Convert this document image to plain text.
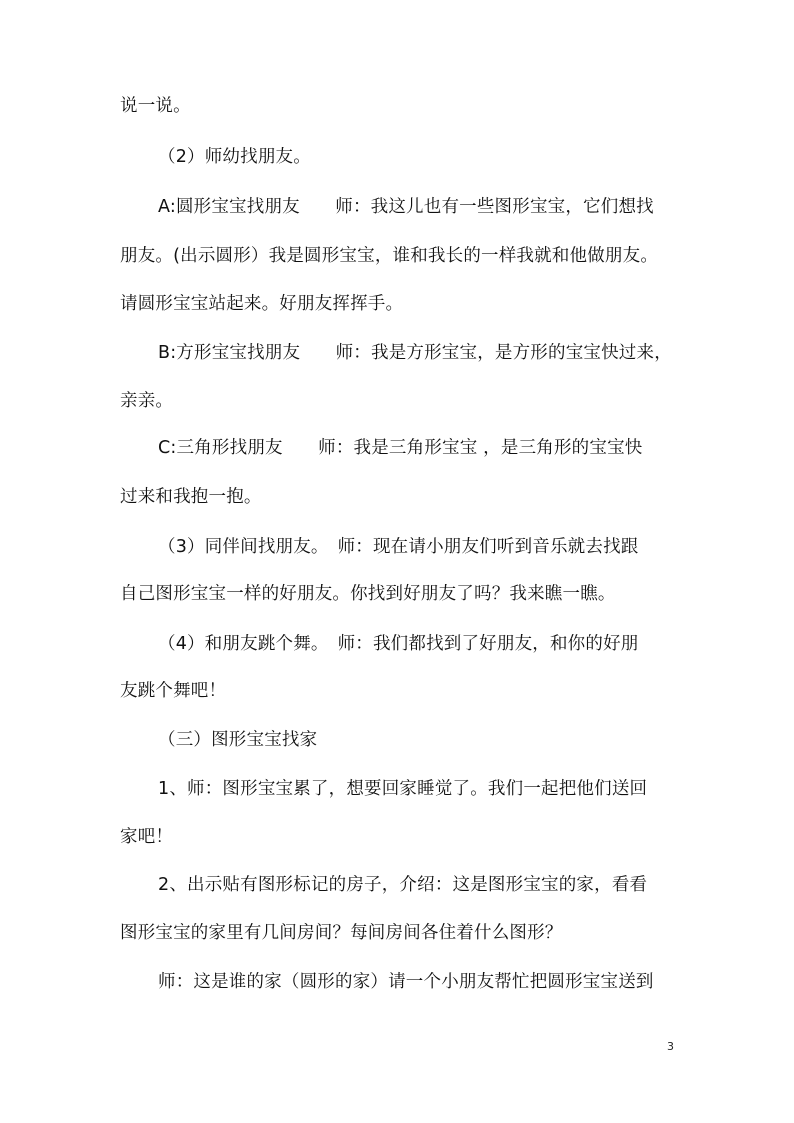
说一说。
（2）师幼找朋友。
A:圆形宝宝找朋友　　师：我这儿也有一些图形宝宝，它们想找
朋友。(出示圆形）我是圆形宝宝，谁和我长的一样我就和他做朋友。
请圆形宝宝站起来。好朋友挥挥手。
B:方形宝宝找朋友　　师：我是方形宝宝，是方形的宝宝快过来，
亲亲。
C:三角形找朋友　　师：我是三角形宝宝 ，是三角形的宝宝快
过来和我抱一抱。
（3）同伴间找朋友。　师：现在请小朋友们听到音乐就去找跟
自己图形宝宝一样的好朋友。你找到好朋友了吗？我来瞧一瞧。
（4）和朋友跳个舞。　师：我们都找到了好朋友，和你的好朋
友跳个舞吧！
（三）图形宝宝找家
1、师：图形宝宝累了，想要回家睡觉了。我们一起把他们送回
家吧！
2、出示贴有图形标记的房子，介绍：这是图形宝宝的家，看看
图形宝宝的家里有几间房间？每间房间各住着什么图形？
师：这是谁的家（圆形的家）请一个小朋友帮忙把圆形宝宝送到
3
